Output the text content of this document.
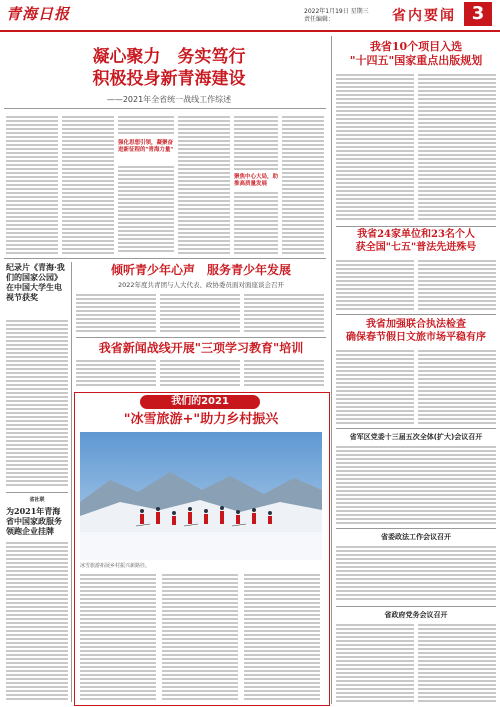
青海日报	2022年1月19日 星期三
责任编辑：	省内要闻 3
凝心聚力　务实笃行
积极投身新青海建设
——2021年全省统一战线工作综述
强化思想引领，凝聚奋进新征程的"青海力量"
聚焦中心大局，助推高质量发展
纪录片《青海·我们的国家公园》在中国大学生电视节获奖
省社联
为2021年青海省中国家政服务领跑企业挂牌
倾听青少年心声　服务青少年发展
2022年度共青团与人大代表、政协委员面对面座谈会召开
我省新闻战线开展"三项学习教育"培训
我们的2021
"冰雪旅游+"助力乡村振兴
冰雪旅游拓展乡村振兴新路径。
我省10个项目入选
"十四五"国家重点出版规划
我省24家单位和23名个人
获全国"七五"普法先进殊号
我省加强联合执法检查
确保春节假日文旅市场平稳有序
省军区党委十三届五次全体(扩大)会议召开
省委政法工作会议召开
省政府党务会议召开
